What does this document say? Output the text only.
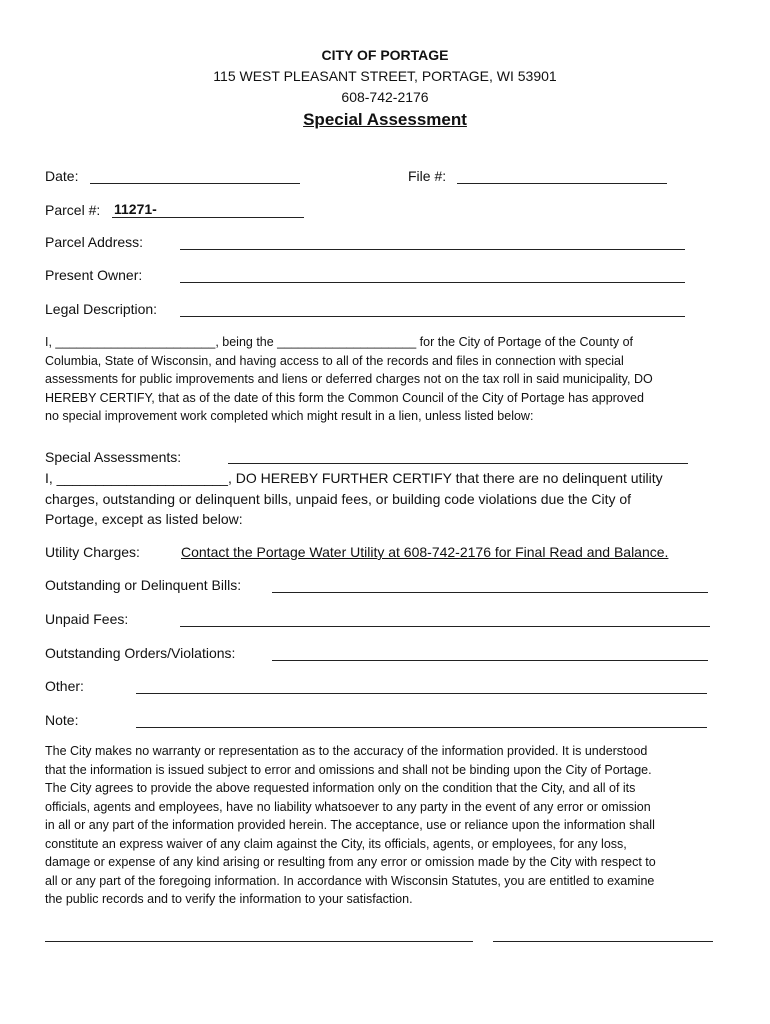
CITY OF PORTAGE
115 WEST PLEASANT STREET, PORTAGE, WI 53901
608-742-2176
Special Assessment
Date:	File #:
Parcel #: 11271-
Parcel Address:
Present Owner:
Legal Description:
I, _______________________, being the ____________________ for the City of Portage of the County of
Columbia, State of Wisconsin, and having access to all of the records and files in connection with special
assessments for public improvements and liens or deferred charges not on the tax roll in said municipality, DO
HEREBY CERTIFY, that as of the date of this form the Common Council of the City of Portage has approved
no special improvement work completed which might result in a lien, unless listed below:
Special Assessments:
I, ______________________, DO HEREBY FURTHER CERTIFY that there are no delinquent utility
charges, outstanding or delinquent bills, unpaid fees, or building code violations due the City of
Portage, except as listed below:
Utility Charges:	Contact the Portage Water Utility at 608-742-2176 for Final Read and Balance.
Outstanding or Delinquent Bills:
Unpaid Fees:
Outstanding Orders/Violations:
Other:
Note:
The City makes no warranty or representation as to the accuracy of the information provided. It is understood
that the information is issued subject to error and omissions and shall not be binding upon the City of Portage.
The City agrees to provide the above requested information only on the condition that the City, and all of its
officials, agents and employees, have no liability whatsoever to any party in the event of any error or omission
in all or any part of the information provided herein. The acceptance, use or reliance upon the information shall
constitute an express waiver of any claim against the City, its officials, agents, or employees, for any loss,
damage or expense of any kind arising or resulting from any error or omission made by the City with respect to
all or any part of the foregoing information. In accordance with Wisconsin Statutes, you are entitled to examine
the public records and to verify the information to your satisfaction.
